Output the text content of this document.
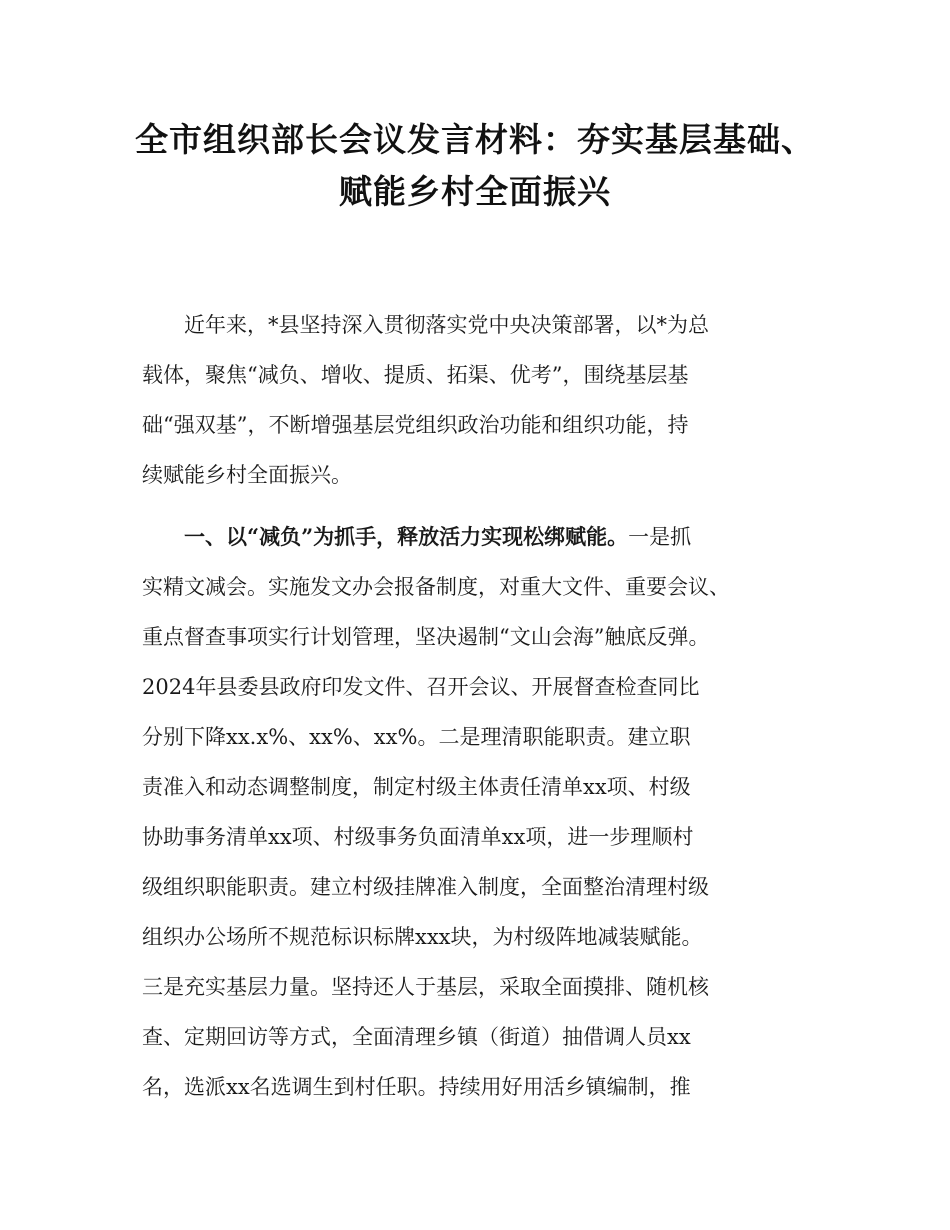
全市组织部长会议发言材料：夯实基层基础、
赋能乡村全面振兴
　　近年来，*县坚持深入贯彻落实党中央决策部署，以*为总
载体，聚焦“减负、增收、提质、拓渠、优考”，围绕基层基
础“强双基”，不断增强基层党组织政治功能和组织功能，持
续赋能乡村全面振兴。
　　一、以“减负”为抓手，释放活力实现松绑赋能。一是抓
实精文减会。实施发文办会报备制度，对重大文件、重要会议、
重点督查事项实行计划管理，坚决遏制“文山会海”触底反弹。
2024年县委县政府印发文件、召开会议、开展督查检查同比
分别下降xx.x%、xx%、xx%。二是理清职能职责。建立职
责准入和动态调整制度，制定村级主体责任清单xx项、村级
协助事务清单xx项、村级事务负面清单xx项，进一步理顺村
级组织职能职责。建立村级挂牌准入制度，全面整治清理村级
组织办公场所不规范标识标牌xxx块，为村级阵地减装赋能。
三是充实基层力量。坚持还人于基层，采取全面摸排、随机核
查、定期回访等方式，全面清理乡镇（街道）抽借调人员xx
名，选派xx名选调生到村任职。持续用好用活乡镇编制，推
